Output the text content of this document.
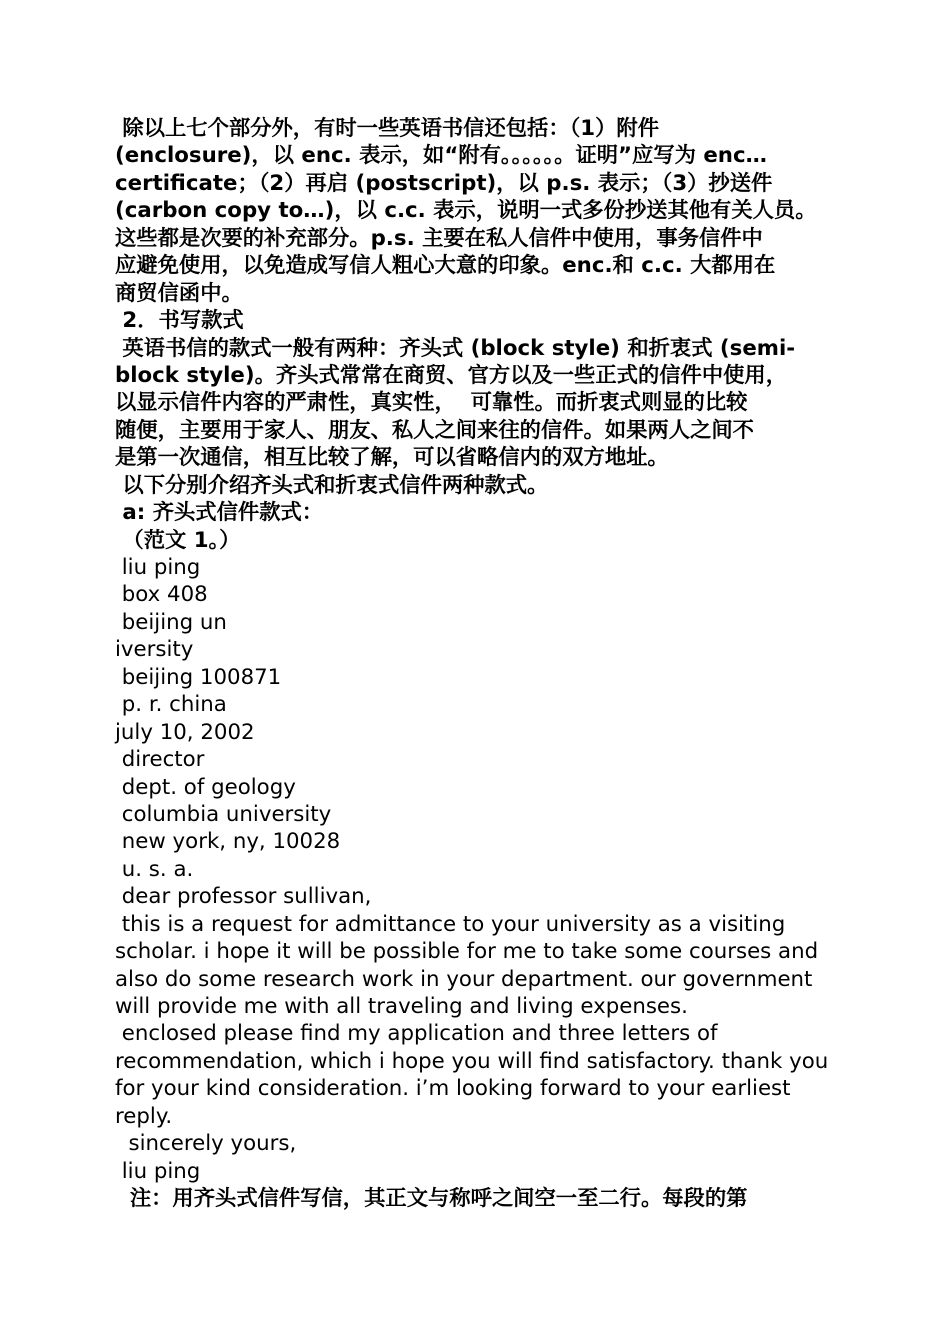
除以上七个部分外，有时一些英语书信还包括：（1）附件
(enclosure)，以 enc. 表示，如“附有。。。。。。证明”应写为 enc…
certificate；（2）再启 (postscript)，以 p.s. 表示；（3）抄送件
(carbon copy to…)，以 c.c. 表示，说明一式多份抄送其他有关人员。
这些都是次要的补充部分。p.s. 主要在私人信件中使用，事务信件中
应避免使用，以免造成写信人粗心大意的印象。enc.和 c.c. 大都用在
商贸信函中。
2．书写款式
英语书信的款式一般有两种：齐头式 (block style) 和折衷式 (semi-
block style)。齐头式常常在商贸、官方以及一些正式的信件中使用，
以显示信件内容的严肃性，真实性，  可靠性。而折衷式则显的比较
随便，主要用于家人、朋友、私人之间来往的信件。如果两人之间不
是第一次通信，相互比较了解，可以省略信内的双方地址。
以下分别介绍齐头式和折衷式信件两种款式。
a: 齐头式信件款式：
（范文 1。）
liu ping
box 408
beijing un
iversity
beijing 100871
p. r. china
july 10, 2002
director
dept. of geology
columbia university
new york, ny, 10028
u. s. a.
dear professor sullivan,
this is a request for admittance to your university as a visiting
scholar. i hope it will be possible for me to take some courses and
also do some research work in your department. our government
will provide me with all traveling and living expenses.
enclosed please find my application and three letters of
recommendation, which i hope you will find satisfactory. thank you
for your kind consideration. i’m looking forward to your earliest
reply.
sincerely yours,
liu ping
注：用齐头式信件写信，其正文与称呼之间空一至二行。每段的第
